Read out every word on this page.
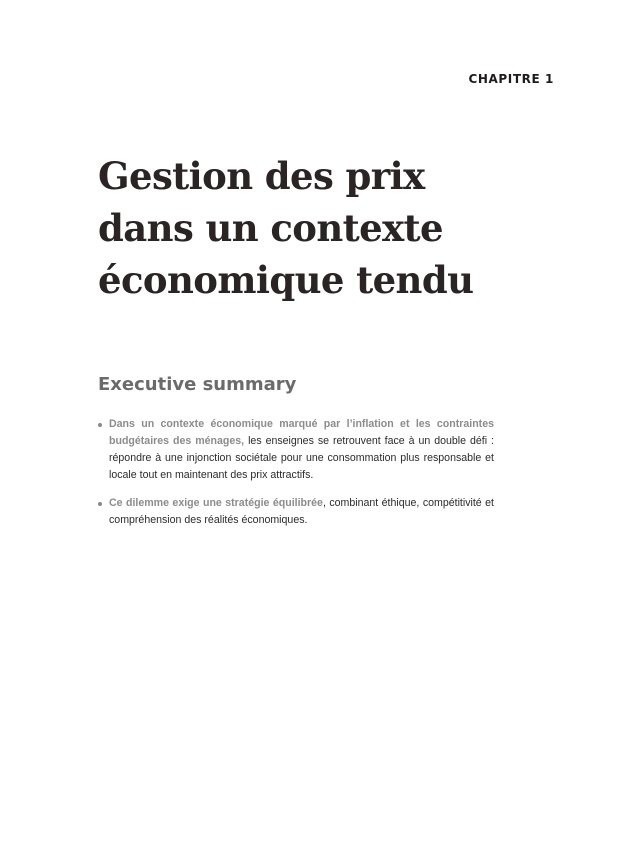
CHAPITRE 1
Gestion des prix
dans un contexte
économique tendu
Executive summary
Dans un contexte économique marqué par l’inflation et les contraintes budgétaires des ménages, les enseignes se retrouvent face à un double défi : répondre à une injonction sociétale pour une consommation plus responsable et locale tout en maintenant des prix attractifs.
Ce dilemme exige une stratégie équilibrée, combinant éthique, compétitivité et compréhension des réalités économiques.
